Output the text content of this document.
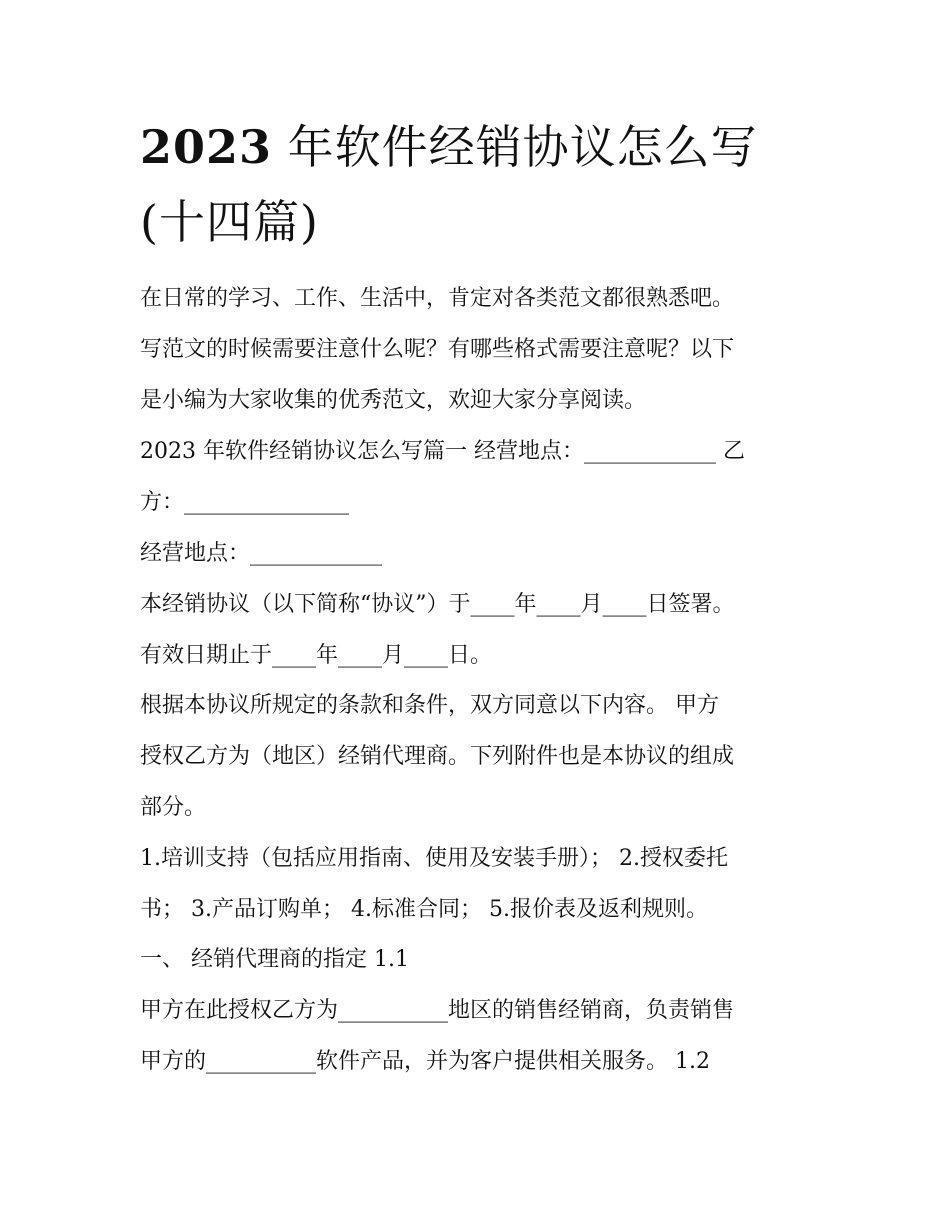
2023 年软件经销协议怎么写
(十四篇)
在日常的学习、工作、生活中，肯定对各类范文都很熟悉吧。
写范文的时候需要注意什么呢？有哪些格式需要注意呢？以下
是小编为大家收集的优秀范文，欢迎大家分享阅读。
2023 年软件经销协议怎么写篇一 经营地点：____________ 乙
方：_______________
经营地点：____________
本经销协议（以下简称“协议”）于____年____月____日签署。
有效日期止于____年____月____日。
根据本协议所规定的条款和条件，双方同意以下内容。 甲方
授权乙方为（地区）经销代理商。下列附件也是本协议的组成
部分。
1.培训支持（包括应用指南、使用及安装手册）； 2.授权委托
书； 3.产品订购单； 4.标准合同； 5.报价表及返利规则。
一、 经销代理商的指定 1.1
甲方在此授权乙方为__________地区的销售经销商，负责销售
甲方的__________软件产品，并为客户提供相关服务。 1.2
